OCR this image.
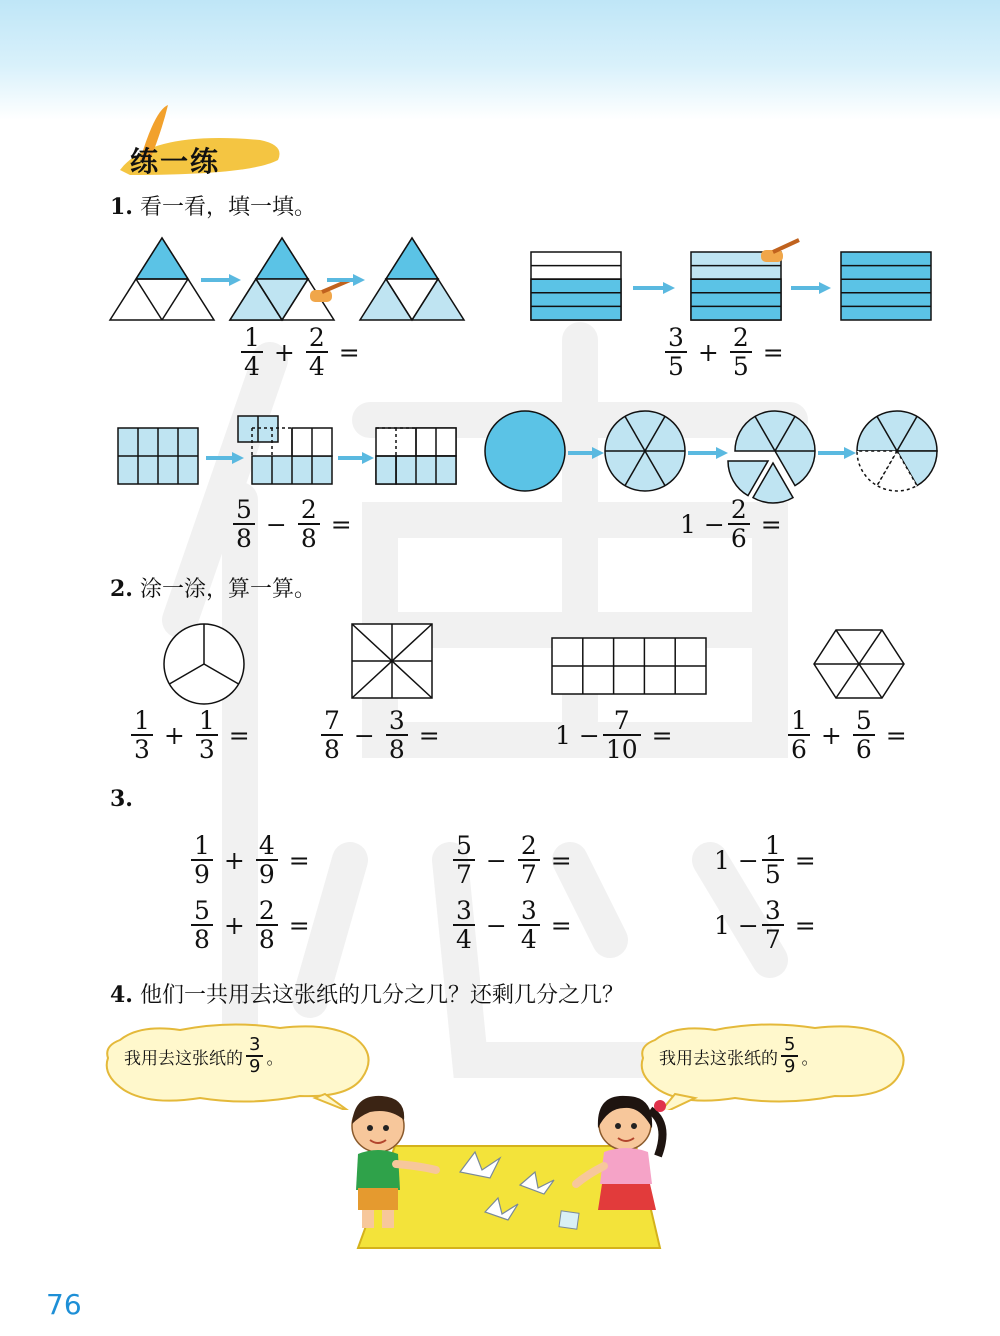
练一练
1. 看一看，填一填。
$\frac{1}{4} + \frac{2}{4}$ =	$\frac{3}{5} + \frac{2}{5}$ =
$\frac{5}{8} - \frac{2}{8}$ =	$1 - \frac{2}{6}$ =
2. 涂一涂，算一算。
$\frac{1}{3} + \frac{1}{3}$ =	$\frac{7}{8} - \frac{3}{8}$ =	$1 - \frac{7}{10}$ =	$\frac{1}{6} + \frac{5}{6}$ =
3.
$\frac{1}{9} + \frac{4}{9}$ =	$\frac{5}{7} - \frac{2}{7}$ =	$1 - \frac{1}{5}$ =
$\frac{5}{8} + \frac{2}{8}$ =	$\frac{3}{4} - \frac{3}{4}$ =	$1 - \frac{3}{7}$ =
4. 他们一共用去这张纸的几分之几？还剩几分之几？
我用去这张纸的 $\frac{3}{9}$ 。	我用去这张纸的 $\frac{5}{9}$ 。
76
